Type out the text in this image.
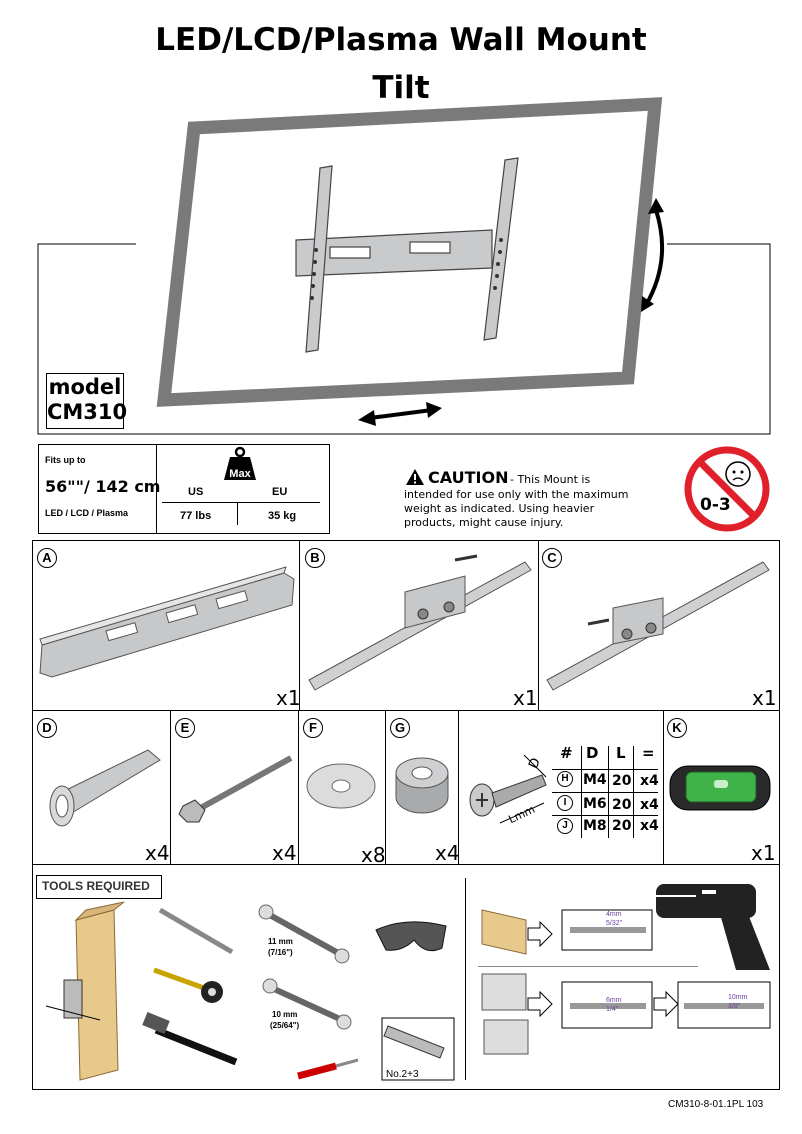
LED/LCD/Plasma Wall Mount
Tilt
model
CM310
Fits up to
56""/ 142 cm
LED / LCD / Plasma
Max
US	EU
77 lbs	35 kg
CAUTION - This Mount is
intended for use only with the maximum
weight as indicated. Using heavier
products, might cause injury.
0-3
A	B	C
D	E	F	G	K
x1	x1	x1
x4	x4	x8 x4	x1
D
Lmm
# D L =
H	M4 20 x4
I	M6 20 x4
J	M8 20 x4
TOOLS REQUIRED
11 mm
(7/16")
10 mm
(25/64")
No.2+3
4mm
5/32"
6mm
1/4"
10mm
3/8"
CM310-8-01.1PL 103
